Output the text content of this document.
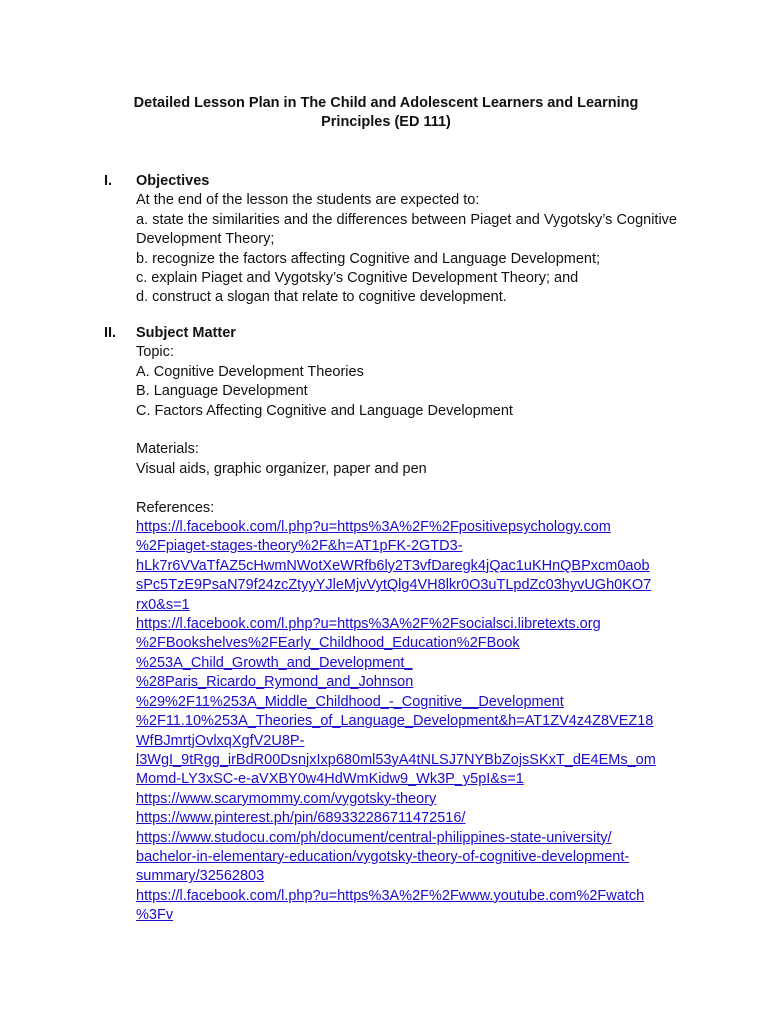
Detailed Lesson Plan in The Child and Adolescent Learners and Learning
Principles (ED 111)
I. Objectives
At the end of the lesson the students are expected to:
a. state the similarities and the differences between Piaget and Vygotsky’s Cognitive Development Theory;
b. recognize the factors affecting Cognitive and Language Development;
c. explain Piaget and Vygotsky’s Cognitive Development Theory; and
d. construct a slogan that relate to cognitive development.
II. Subject Matter
Topic:
A. Cognitive Development Theories
B. Language Development
C. Factors Affecting Cognitive and Language Development
Materials:
Visual aids, graphic organizer, paper and pen
References:
https://l.facebook.com/l.php?u=https%3A%2F%2Fpositivepsychology.com
%2Fpiaget-stages-theory%2F&h=AT1pFK-2GTD3-
hLk7r6VVaTfAZ5cHwmNWotXeWRfb6ly2T3vfDaregk4jQac1uKHnQBPxcm0aob
sPc5TzE9PsaN79f24zcZtyyYJleMjvVytQlg4VH8lkr0O3uTLpdZc03hyvUGh0KO7
rx0&s=1
https://l.facebook.com/l.php?u=https%3A%2F%2Fsocialsci.libretexts.org
%2FBookshelves%2FEarly_Childhood_Education%2FBook
%253A_Child_Growth_and_Development_
%28Paris_Ricardo_Rymond_and_Johnson
%29%2F11%253A_Middle_Childhood_-_Cognitive__Development
%2F11.10%253A_Theories_of_Language_Development&h=AT1ZV4z4Z8VEZ18
WfBJmrtjOvlxqXgfV2U8P-
l3WgI_9tRgg_irBdR00DsnjxIxp680ml53yA4tNLSJ7NYBbZojsSKxT_dE4EMs_om
Momd-LY3xSC-e-aVXBY0w4HdWmKidw9_Wk3P_y5pI&s=1
https://www.scarymommy.com/vygotsky-theory
https://www.pinterest.ph/pin/689332286711472516/
https://www.studocu.com/ph/document/central-philippines-state-university/
bachelor-in-elementary-education/vygotsky-theory-of-cognitive-development-
summary/32562803
https://l.facebook.com/l.php?u=https%3A%2F%2Fwww.youtube.com%2Fwatch
%3Fv
